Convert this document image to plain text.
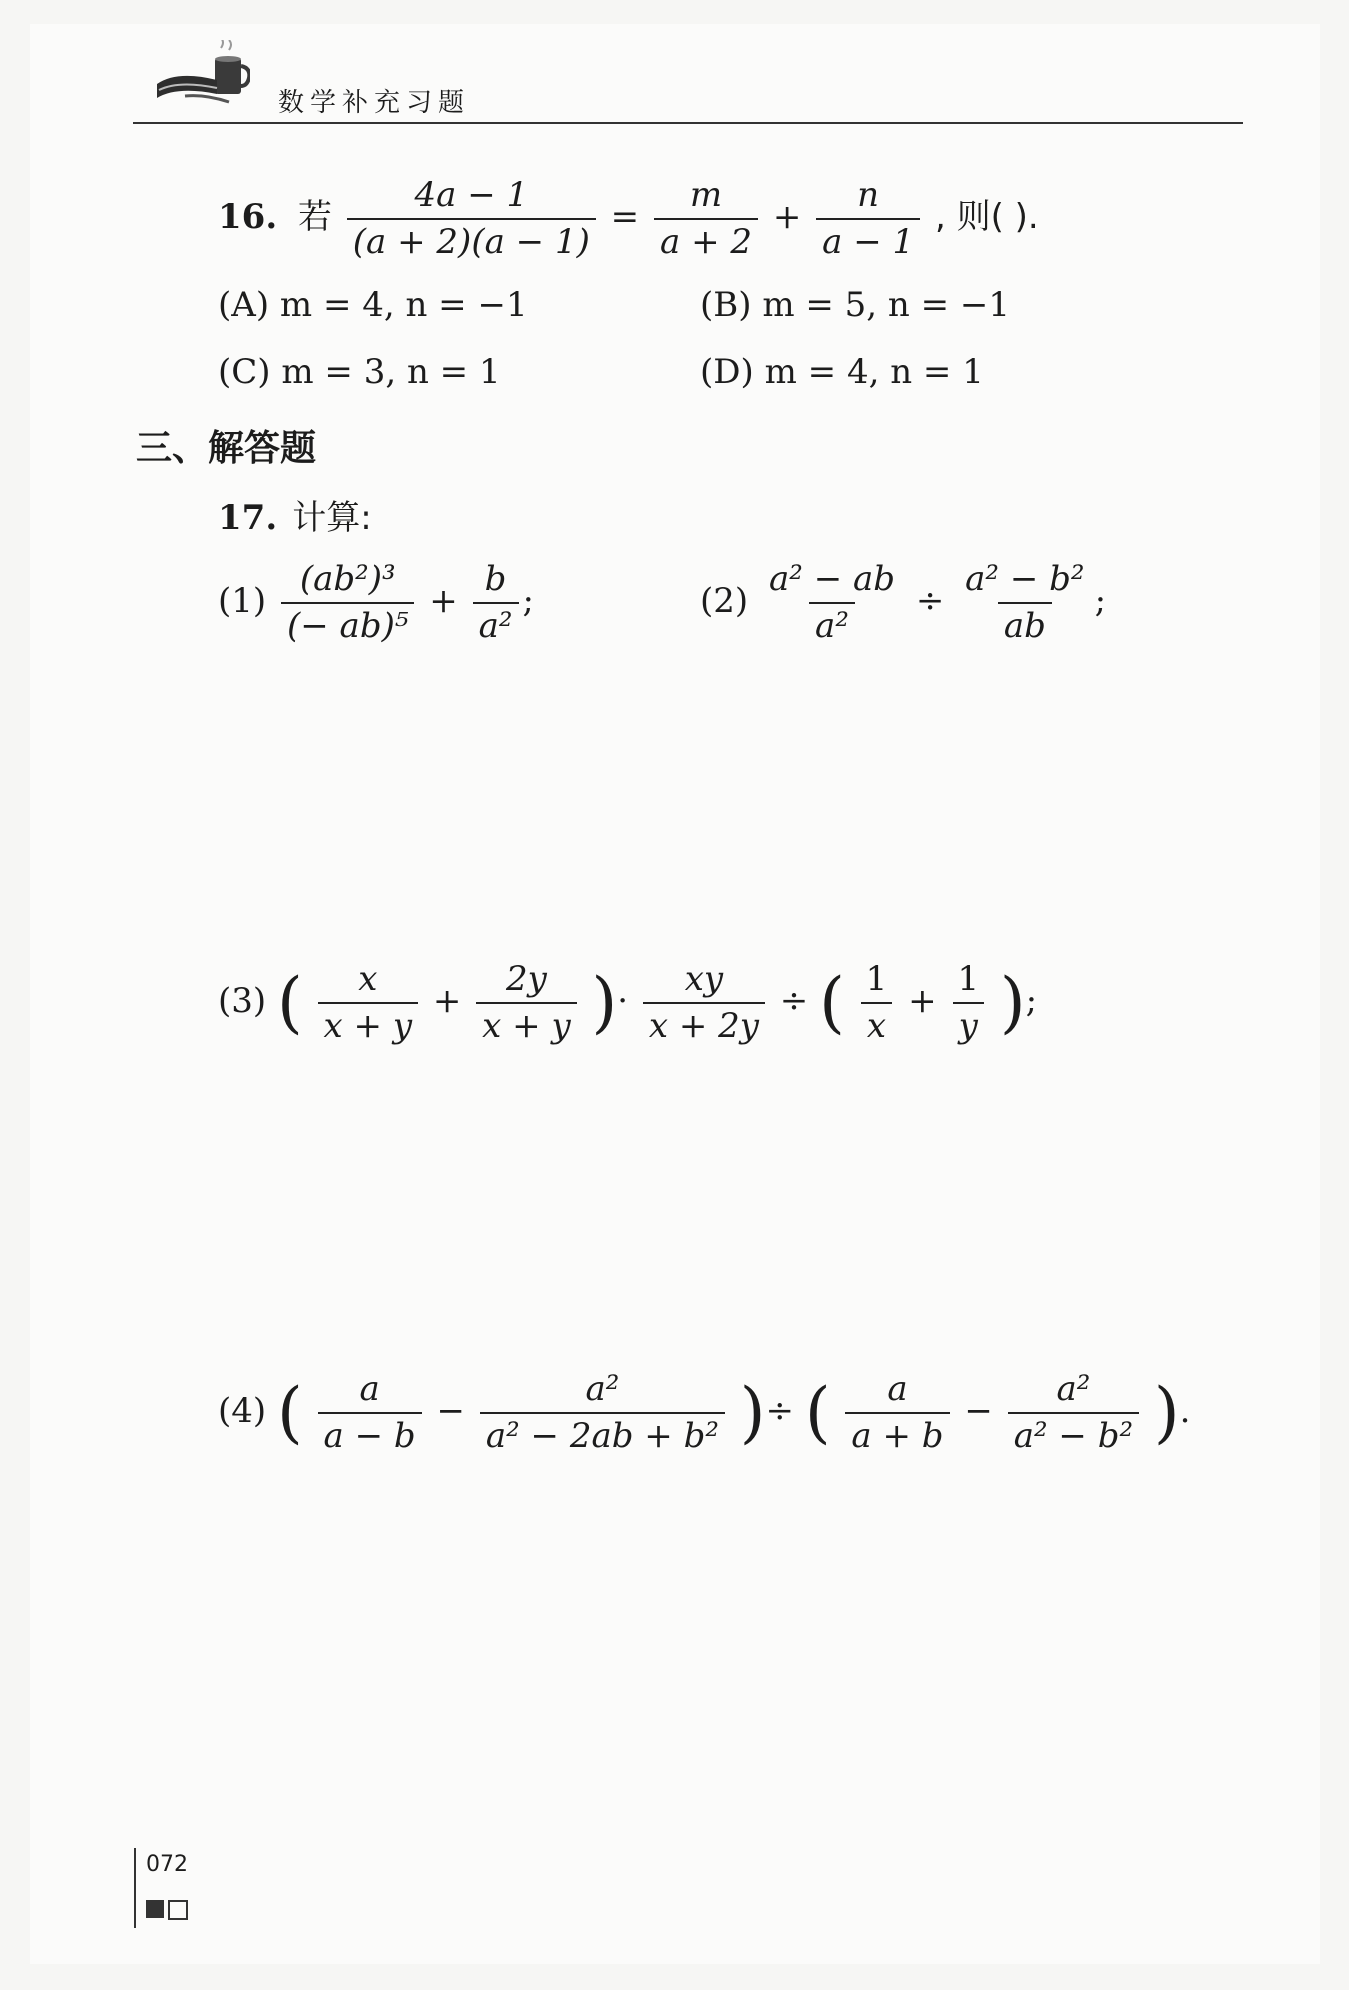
数学补充习题
16. 若 $\frac{4a - 1}{(a + 2)(a - 1)} = \frac{m}{a + 2} + \frac{n}{a - 1}$ , 则( ).
(A) m = 4, n = −1	(B) m = 5, n = −1
(C) m = 3, n = 1	(D) m = 4, n = 1
三、解答题
17. 计算:
$(1) \frac{\text{(ab²)³}}{\text{(− ab)⁵}} + \frac{b}{\text{a²}}$ ;	$(2) \frac{\text{a² − ab}}{\text{a²}} \div \frac{\text{a² − b²}}{ab}$ ;
(3) ( $\frac{x}{x + y} + \frac{2y}{x + y}$ )· $\frac{xy}{x + 2y}$ ÷ ( $\frac{1}{x} + \frac{1}{y}$ );
(4) ( $\frac{a}{a - b} - \frac{\text{a²}}{\text{a² − 2ab + b²}}$ )÷ ( $\frac{a}{a + b} - \frac{\text{a²}}{\text{a² − b²}}$ ).
072
